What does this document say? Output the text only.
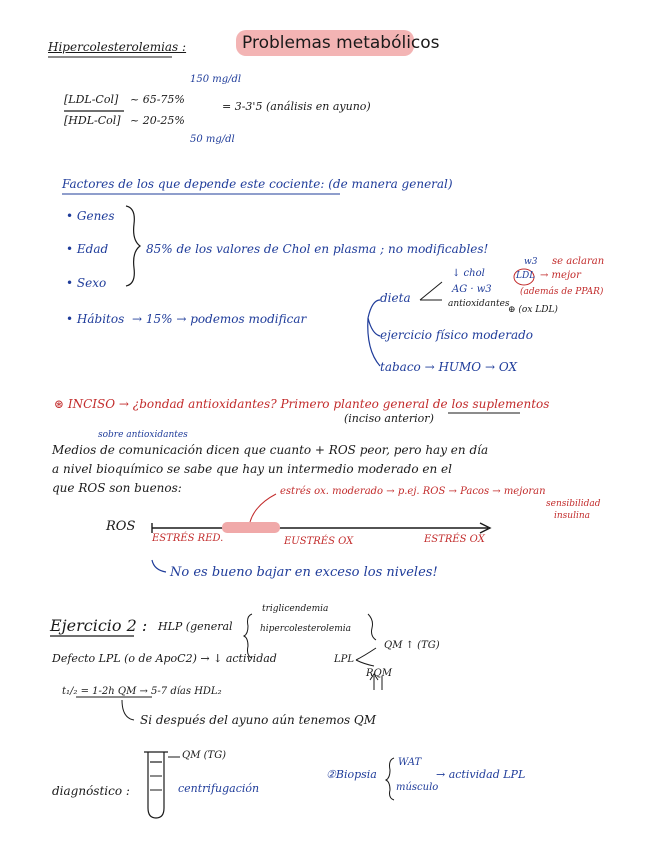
Hipercolesterolemias :	Problemas metabólicos
150 mg/dl
[LDL-Col] ~ 65-75%
= 3-3'5 (análisis en ayuno)
[HDL-Col] ~ 20-25%
50 mg/dl
Factores de los que depende este cociente: (de manera general)
• Genes
• Edad
• Sexo
85% de los valores de Chol en plasma ; no modificables!
• Hábitos → 15% → podemos modificar
dieta
↓ chol
AG · w3
antioxidantes
LDL
w3 se aclaran
→ mejor
(además de PPAR)
⊕ (ox LDL)
ejercicio físico moderado
tabaco → HUMO → OX
⊛ INCISO → ¿bondad antioxidantes? Primero planteo general de los suplementos
(inciso anterior)
sobre antioxidantes
Medios de comunicación dicen que cuanto + ROS peor, pero hay en día
a nivel bioquímico se sabe que hay un intermedio moderado en el
que ROS son buenos:	estrés ox. moderado → p.ej. ROS → Pacos → mejoran
sensibilidad
insulina
ROS
ESTRÉS RED.	EUSTRÉS OX	ESTRÉS OX
No es bueno bajar en exceso los niveles!
Ejercicio 2 : HLP (general
triglicendemia
hipercolesterolemia
QM ↑ (TG)
Defecto LPL (o de ApoC2) → ↓ actividad	LPL
RQM
t₁/₂ = 1-2h QM → 5-7 días HDL₂
Si después del ayuno aún tenemos QM
QM (TG)
diagnóstico :	centrifugación
②Biopsia
WAT
músculo
→ actividad LPL
